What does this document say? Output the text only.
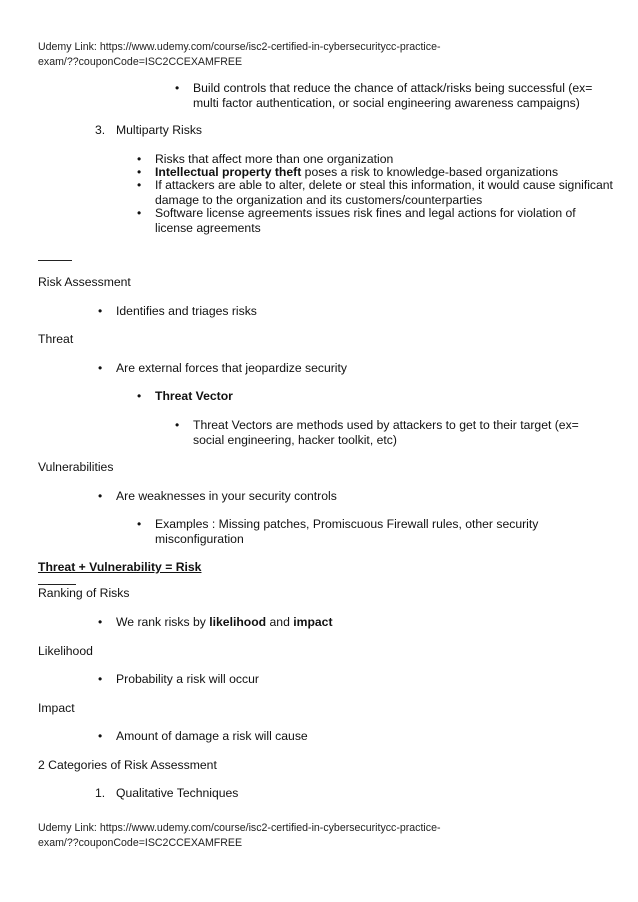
Udemy Link: https://www.udemy.com/course/isc2-certified-in-cybersecuritycc-practice-
exam/??couponCode=ISC2CCEXAMFREE
• Build controls that reduce the chance of attack/risks being successful (ex=
multi factor authentication, or social engineering awareness campaigns)
3. Multiparty Risks
• Risks that affect more than one organization
• Intellectual property theft poses a risk to knowledge-based organizations
• If attackers are able to alter, delete or steal this information, it would cause significant
damage to the organization and its customers/counterparties
• Software license agreements issues risk fines and legal actions for violation of
license agreements
Risk Assessment
• Identifies and triages risks
Threat
• Are external forces that jeopardize security
• Threat Vector
• Threat Vectors are methods used by attackers to get to their target (ex=
social engineering, hacker toolkit, etc)
Vulnerabilities
• Are weaknesses in your security controls
• Examples : Missing patches, Promiscuous Firewall rules, other security
misconfiguration
Threat + Vulnerability = Risk
Ranking of Risks
• We rank risks by likelihood and impact
Likelihood
• Probability a risk will occur
Impact
• Amount of damage a risk will cause
2 Categories of Risk Assessment
1. Qualitative Techniques
Udemy Link: https://www.udemy.com/course/isc2-certified-in-cybersecuritycc-practice-
exam/??couponCode=ISC2CCEXAMFREE
